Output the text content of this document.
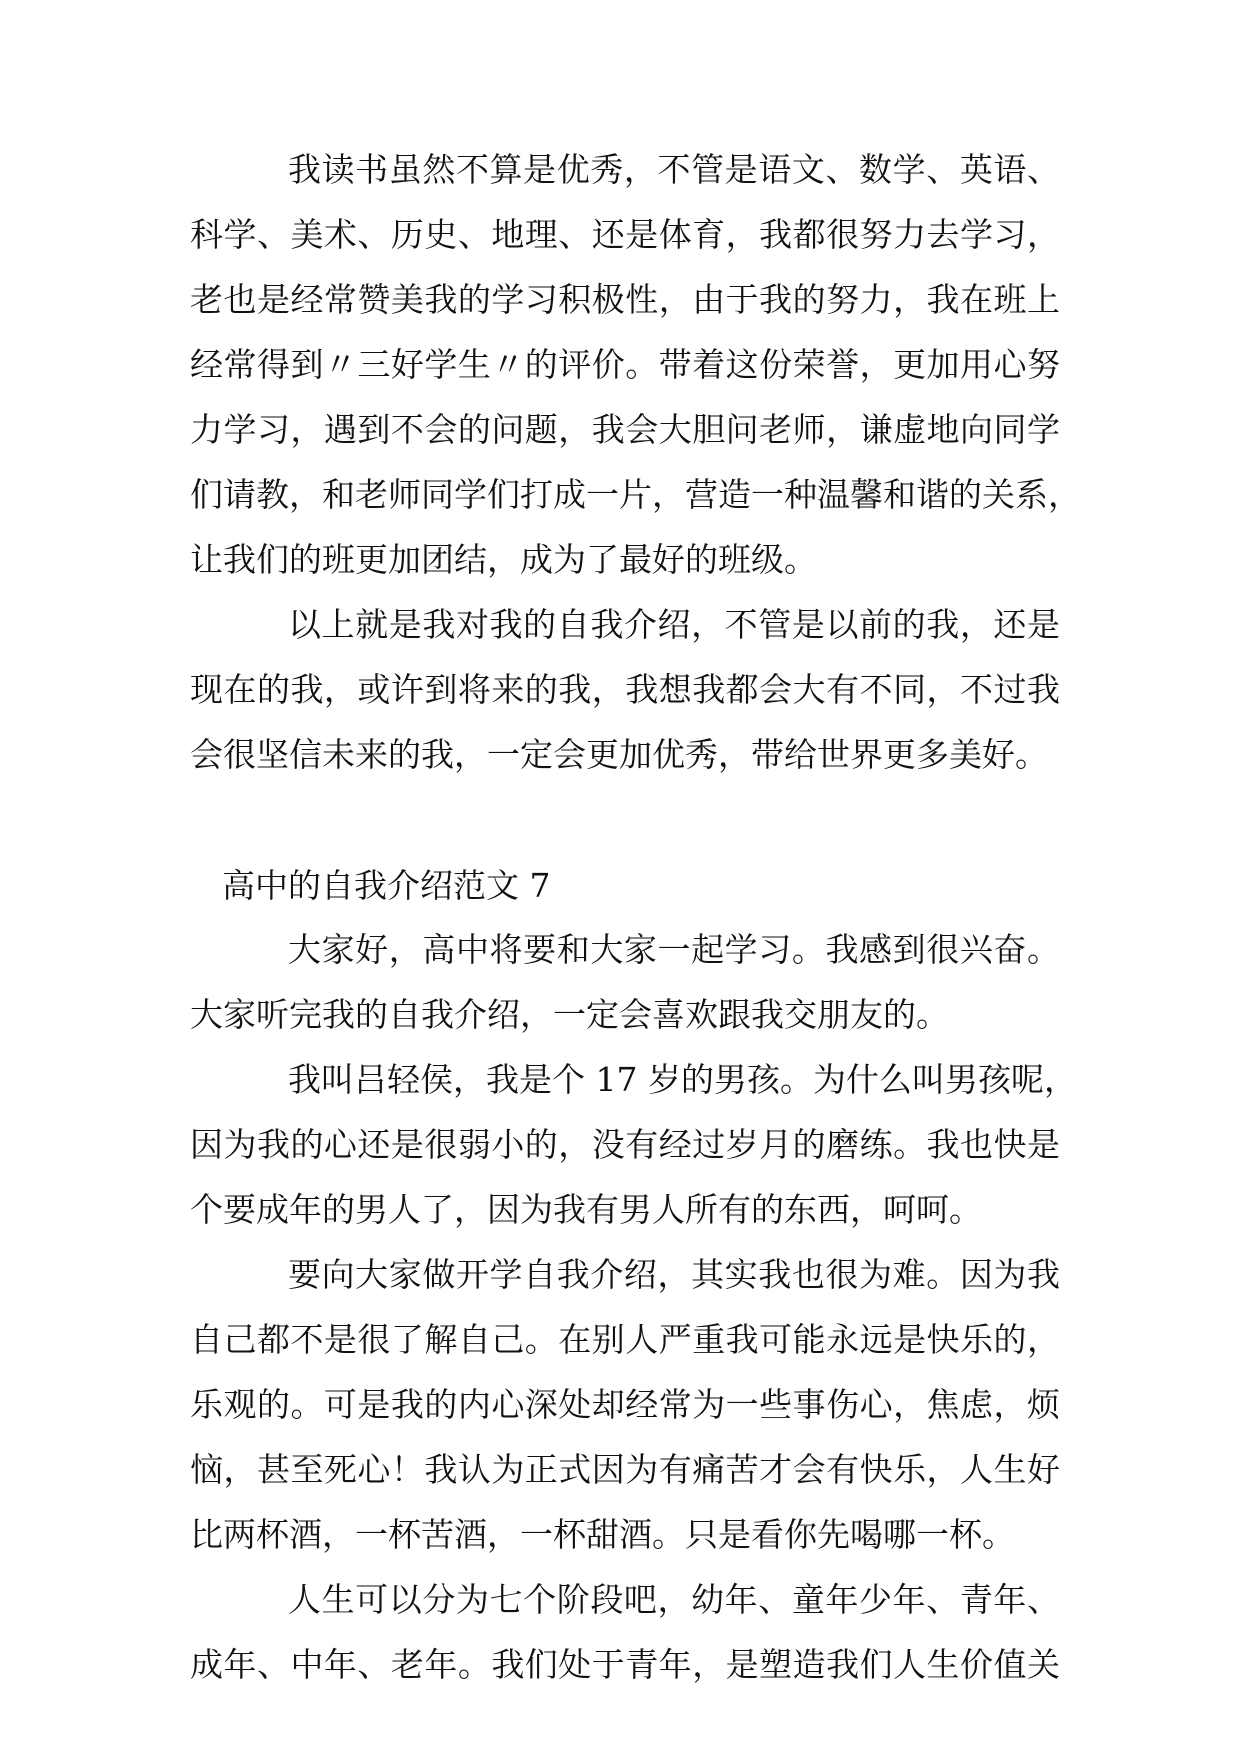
我读书虽然不算是优秀，不管是语文、数学、英语、
科学、美术、历史、地理、还是体育，我都很努力去学习，
老也是经常赞美我的学习积极性，由于我的努力，我在班上
经常得到〃三好学生〃的评价。带着这份荣誉，更加用心努
力学习，遇到不会的问题，我会大胆问老师，谦虚地向同学
们请教，和老师同学们打成一片，营造一种温馨和谐的关系，
让我们的班更加团结，成为了最好的班级。
以上就是我对我的自我介绍，不管是以前的我，还是
现在的我，或许到将来的我，我想我都会大有不同，不过我
会很坚信未来的我，一定会更加优秀，带给世界更多美好。
高中的自我介绍范文 7
大家好，高中将要和大家一起学习。我感到很兴奋。
大家听完我的自我介绍，一定会喜欢跟我交朋友的。
我叫吕轻侯，我是个 17 岁的男孩。为什么叫男孩呢，
因为我的心还是很弱小的，没有经过岁月的磨练。我也快是
个要成年的男人了，因为我有男人所有的东西，呵呵。
要向大家做开学自我介绍，其实我也很为难。因为我
自己都不是很了解自己。在别人严重我可能永远是快乐的，
乐观的。可是我的内心深处却经常为一些事伤心，焦虑，烦
恼，甚至死心！我认为正式因为有痛苦才会有快乐，人生好
比两杯酒，一杯苦酒，一杯甜酒。只是看你先喝哪一杯。
人生可以分为七个阶段吧，幼年、童年少年、青年、
成年、中年、老年。我们处于青年，是塑造我们人生价值关
